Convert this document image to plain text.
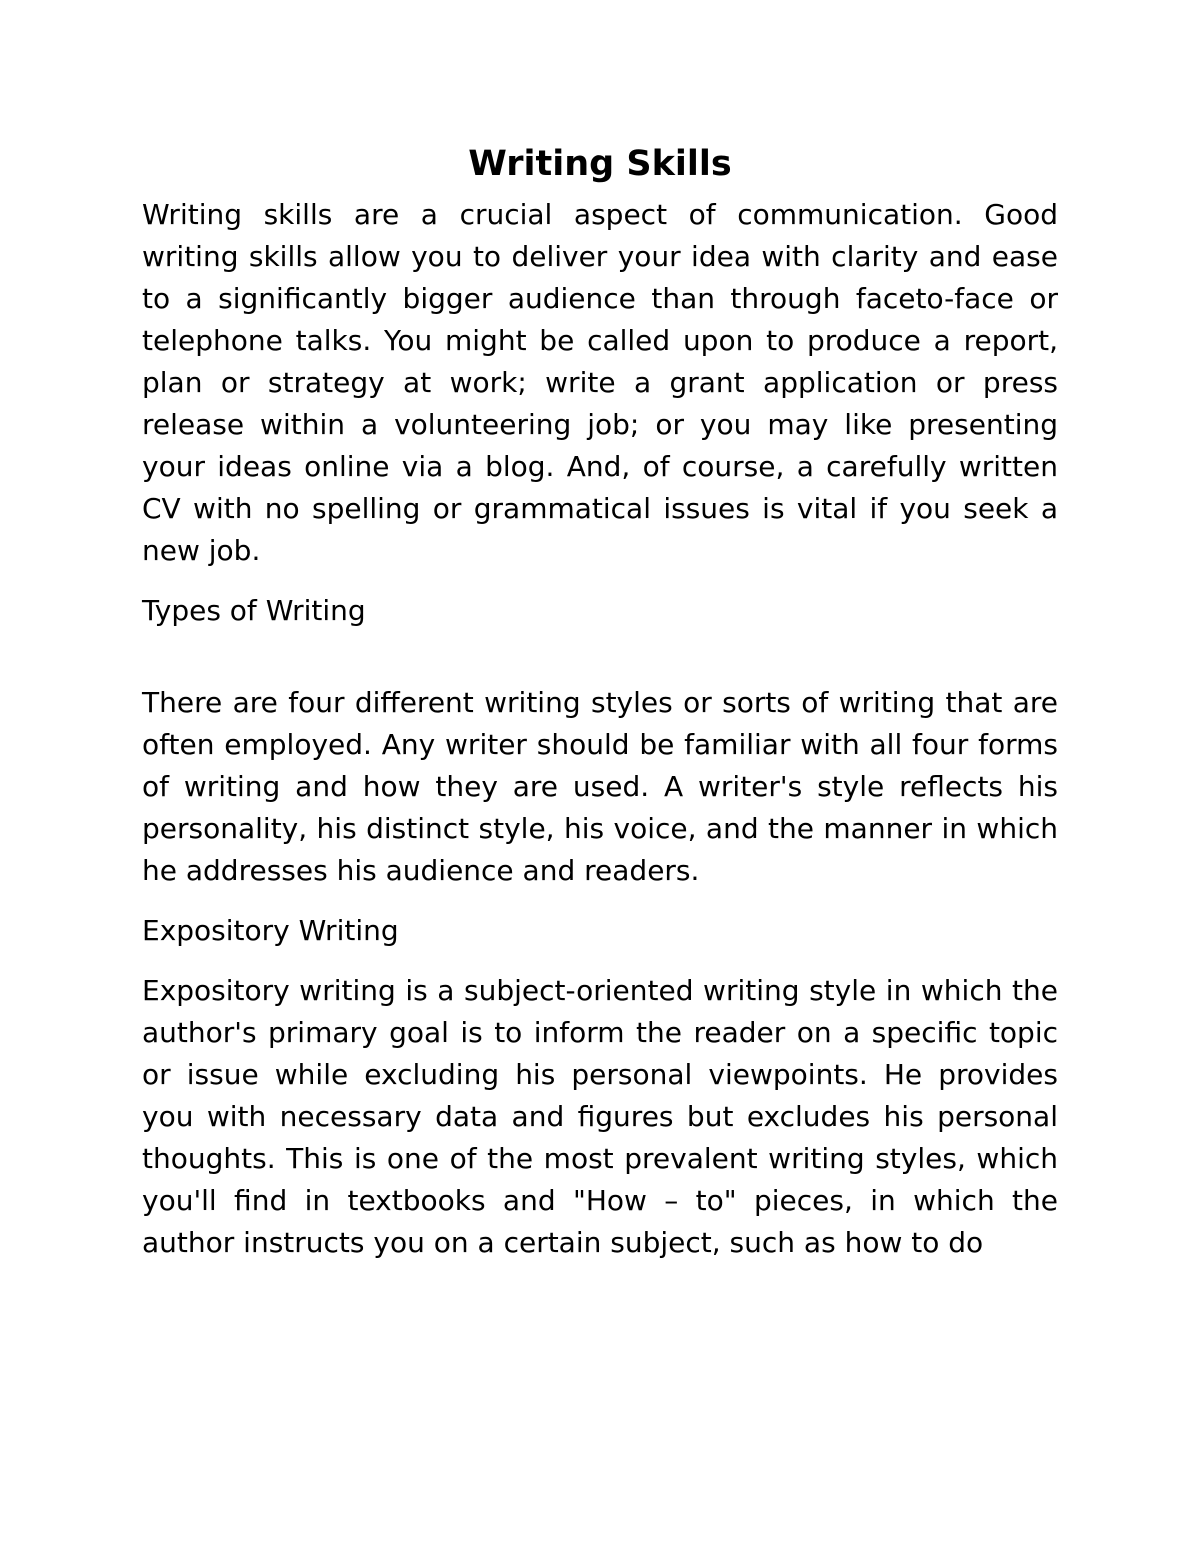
Writing Skills

Writing skills are a crucial aspect of communication. Good writing skills allow you to deliver your idea with clarity and ease to a significantly bigger audience than through faceto-face or telephone talks. You might be called upon to produce a report, plan or strategy at work; write a grant application or press release within a volunteering job; or you may like presenting your ideas online via a blog. And, of course, a carefully written CV with no spelling or grammatical issues is vital if you seek a new job.

Types of Writing

There are four different writing styles or sorts of writing that are often employed. Any writer should be familiar with all four forms of writing and how they are used. A writer's style reflects his personality, his distinct style, his voice, and the manner in which he addresses his audience and readers.

Expository Writing

Expository writing is a subject-oriented writing style in which the author's primary goal is to inform the reader on a specific topic or issue while excluding his personal viewpoints. He provides you with necessary data and figures but excludes his personal thoughts. This is one of the most prevalent writing styles, which you'll find in textbooks and "How – to" pieces, in which the author instructs you on a certain subject, such as how to do
